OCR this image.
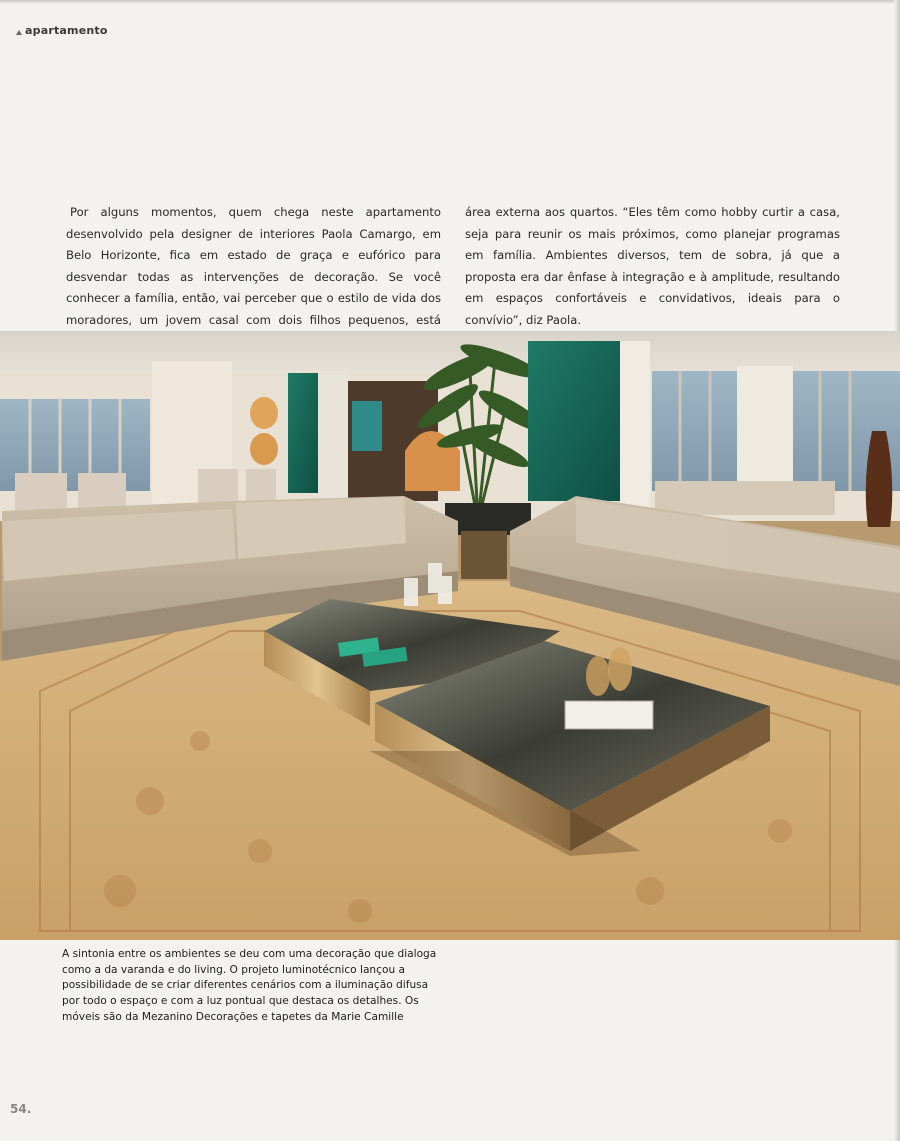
apartamento
Por alguns momentos, quem chega neste apartamento desenvolvido pela designer de interiores Paola Camargo, em Belo Horizonte, fica em estado de graça e eufórico para desvendar todas as intervenções de decoração. Se você conhecer a família, então, vai perceber que o estilo de vida dos moradores, um jovem casal com dois filhos pequenos, está
área externa aos quartos. “Eles têm como hobby curtir a casa, seja para reunir os mais próximos, como planejar programas em família. Ambientes diversos, tem de sobra, já que a proposta era dar ênfase à integração e à amplitude, resultando em espaços confortáveis e convidativos, ideais para o convívio”, diz Paola.
A sintonia entre os ambientes se deu com uma decoração que dialoga como a da varanda e do living. O projeto luminotécnico lançou a possibilidade de se criar diferentes cenários com a iluminação difusa por todo o espaço e com a luz pontual que destaca os detalhes. Os móveis são da Mezanino Decorações e tapetes da Marie Camille
54.
